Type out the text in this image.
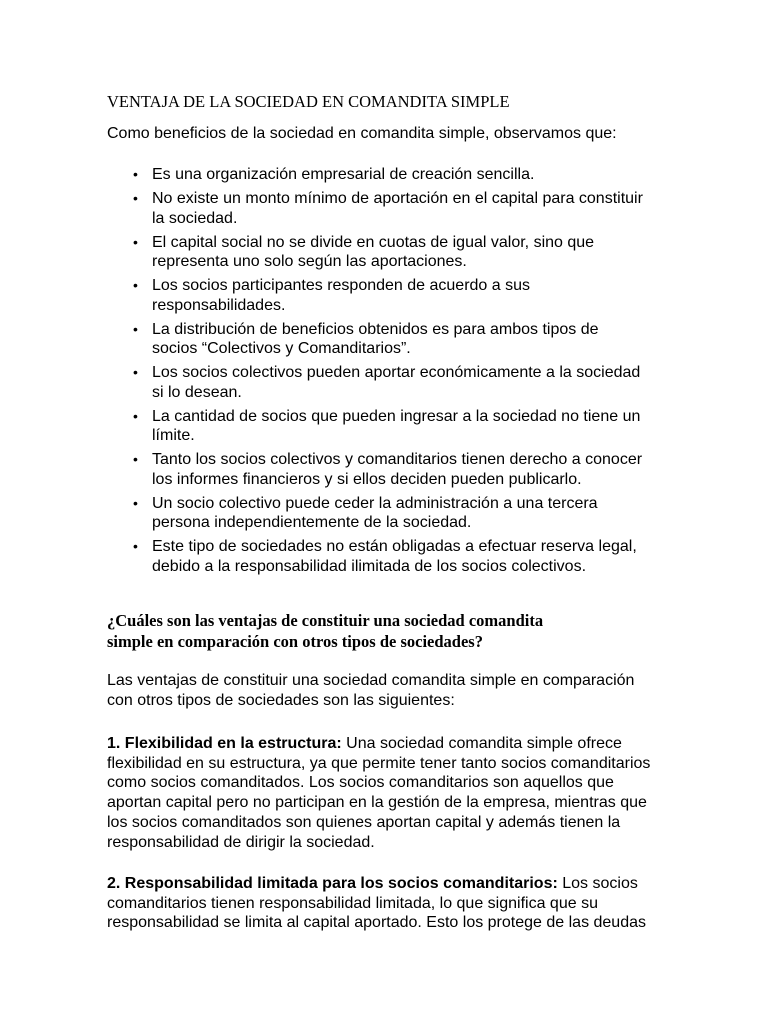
VENTAJA DE LA SOCIEDAD EN COMANDITA SIMPLE
Como beneficios de la sociedad en comandita simple, observamos que:
• Es una organización empresarial de creación sencilla.
• No existe un monto mínimo de aportación en el capital para constituir
la sociedad.
• El capital social no se divide en cuotas de igual valor, sino que
representa uno solo según las aportaciones.
• Los socios participantes responden de acuerdo a sus
responsabilidades.
• La distribución de beneficios obtenidos es para ambos tipos de
socios “Colectivos y Comanditarios”.
• Los socios colectivos pueden aportar económicamente a la sociedad
si lo desean.
• La cantidad de socios que pueden ingresar a la sociedad no tiene un
límite.
• Tanto los socios colectivos y comanditarios tienen derecho a conocer
los informes financieros y si ellos deciden pueden publicarlo.
• Un socio colectivo puede ceder la administración a una tercera
persona independientemente de la sociedad.
• Este tipo de sociedades no están obligadas a efectuar reserva legal,
debido a la responsabilidad ilimitada de los socios colectivos.
¿Cuáles son las ventajas de constituir una sociedad comandita
simple en comparación con otros tipos de sociedades?
Las ventajas de constituir una sociedad comandita simple en comparación
con otros tipos de sociedades son las siguientes:
1. Flexibilidad en la estructura: Una sociedad comandita simple ofrece
flexibilidad en su estructura, ya que permite tener tanto socios comanditarios
como socios comanditados. Los socios comanditarios son aquellos que
aportan capital pero no participan en la gestión de la empresa, mientras que
los socios comanditados son quienes aportan capital y además tienen la
responsabilidad de dirigir la sociedad.
2. Responsabilidad limitada para los socios comanditarios: Los socios
comanditarios tienen responsabilidad limitada, lo que significa que su
responsabilidad se limita al capital aportado. Esto los protege de las deudas
